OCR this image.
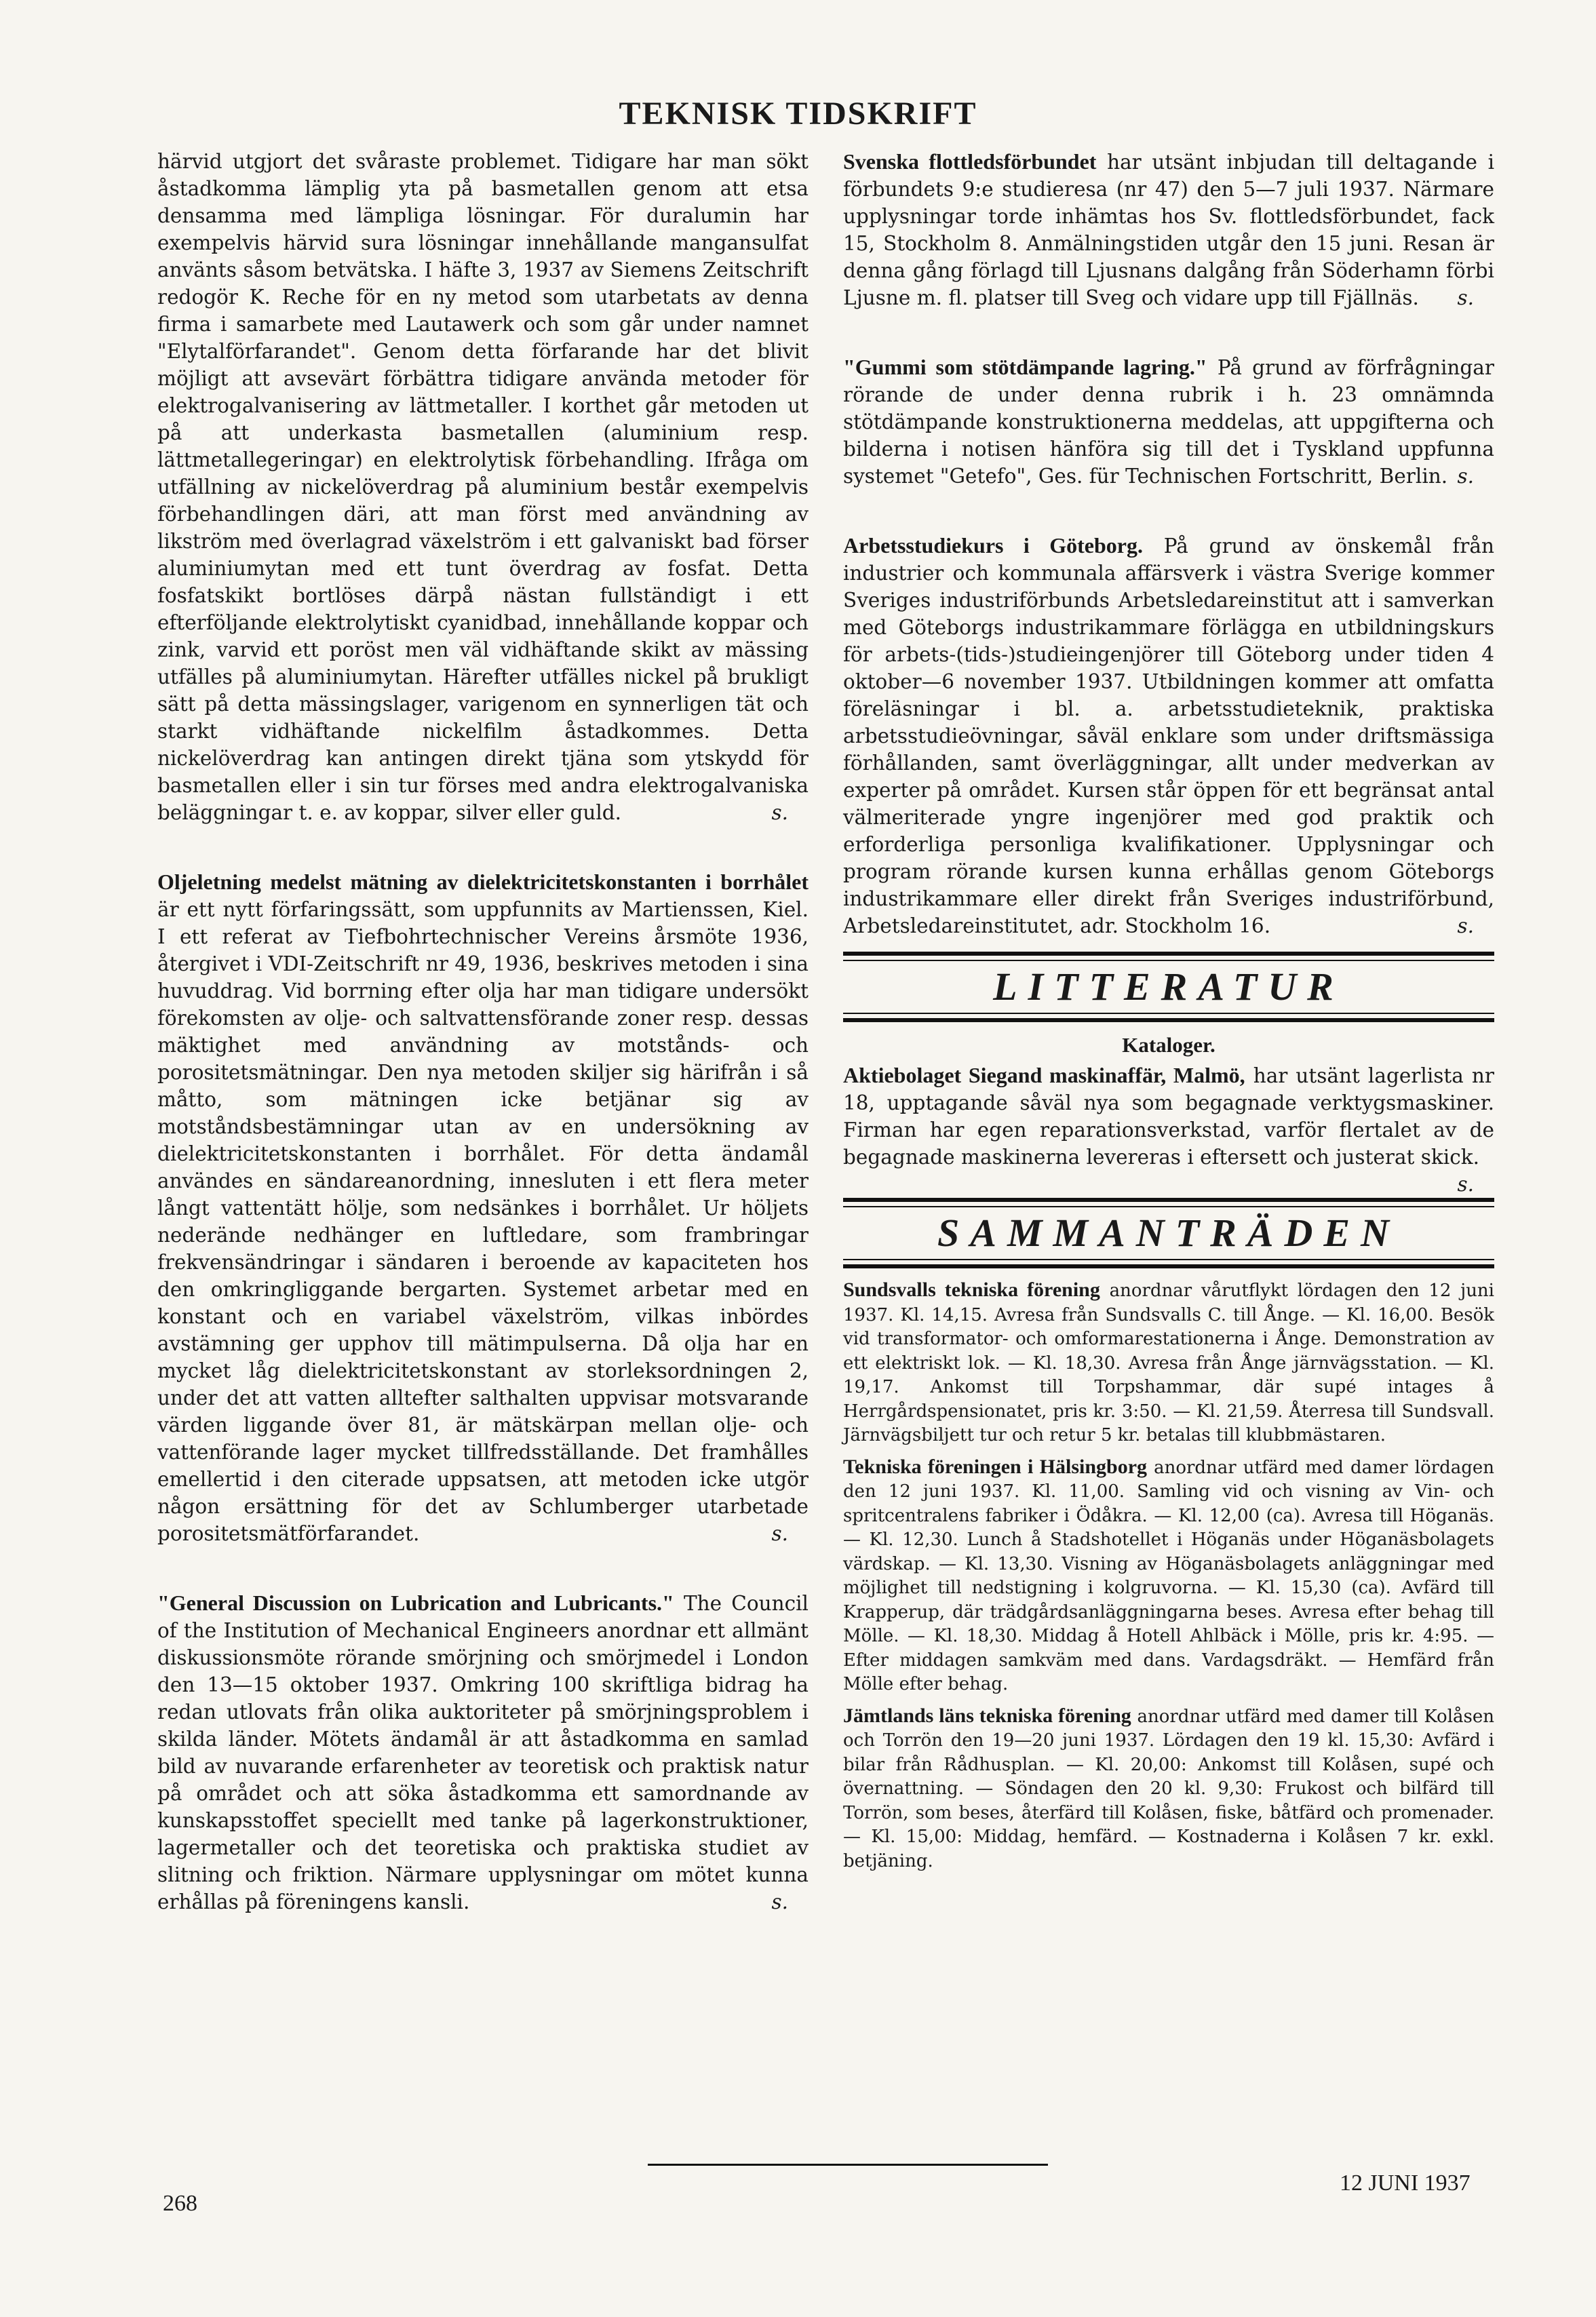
TEKNISK TIDSKRIFT

härvid utgjort det svåraste problemet. Tidigare har man sökt åstadkomma lämplig yta på basmetallen genom att etsa densamma med lämpliga lösningar. För duralumin har exempelvis härvid sura lösningar innehållande mangansulfat använts såsom betvätska. I häfte 3, 1937 av Siemens Zeitschrift redogör K. Reche för en ny metod som utarbetats av denna firma i samarbete med Lautawerk och som går under namnet "Elytalförfarandet". Genom detta förfarande har det blivit möjligt att avsevärt förbättra tidigare använda metoder för elektrogalvanisering av lättmetaller. I korthet går metoden ut på att underkasta basmetallen (aluminium resp. lättmetallegeringar) en elektrolytisk förbehandling. Ifråga om utfällning av nickelöverdrag på aluminium består exempelvis förbehandlingen däri, att man först med användning av likström med överlagrad växelström i ett galvaniskt bad förser aluminiumytan med ett tunt överdrag av fosfat. Detta fosfatskikt bortlöses därpå nästan fullständigt i ett efterföljande elektrolytiskt cyanidbad, innehållande koppar och zink, varvid ett poröst men väl vidhäftande skikt av mässing utfälles på aluminiumytan. Härefter utfälles nickel på brukligt sätt på detta mässingslager, varigenom en synnerligen tät och starkt vidhäftande nickelfilm åstadkommes. Detta nickelöverdrag kan antingen direkt tjäna som ytskydd för basmetallen eller i sin tur förses med andra elektrogalvaniska beläggningar t. e. av koppar, silver eller guld.	s.

Oljeletning medelst mätning av dielektricitetskonstanten i borrhålet är ett nytt förfaringssätt, som uppfunnits av Martienssen, Kiel. I ett referat av Tiefbohrtechnischer Vereins årsmöte 1936, återgivet i VDI-Zeitschrift nr 49, 1936, beskrives metoden i sina huvuddrag. Vid borrning efter olja har man tidigare undersökt förekomsten av olje- och saltvattensförande zoner resp. dessas mäktighet med användning av motstånds- och porositetsmätningar. Den nya metoden skiljer sig härifrån i så måtto, som mätningen icke betjänar sig av motståndsbestämningar utan av en undersökning av dielektricitetskonstanten i borrhålet. För detta ändamål användes en sändareanordning, innesluten i ett flera meter långt vattentätt hölje, som nedsänkes i borrhålet. Ur höljets nederände nedhänger en luftledare, som frambringar frekvensändringar i sändaren i beroende av kapaciteten hos den omkringliggande bergarten. Systemet arbetar med en konstant och en variabel växelström, vilkas inbördes avstämning ger upphov till mätimpulserna. Då olja har en mycket låg dielektricitetskonstant av storleksordningen 2, under det att vatten alltefter salthalten uppvisar motsvarande värden liggande över 81, är mätskärpan mellan olje- och vattenförande lager mycket tillfredsställande. Det framhålles emellertid i den citerade uppsatsen, att metoden icke utgör någon ersättning för det av Schlumberger utarbetade porositetsmätförfarandet.	s.

"General Discussion on Lubrication and Lubricants." The Council of the Institution of Mechanical Engineers anordnar ett allmänt diskussionsmöte rörande smörjning och smörjmedel i London den 13—15 oktober 1937. Omkring 100 skriftliga bidrag ha redan utlovats från olika auktoriteter på smörjningsproblem i skilda länder. Mötets ändamål är att åstadkomma en samlad bild av nuvarande erfarenheter av teoretisk och praktisk natur på området och att söka åstadkomma ett samordnande av kunskapsstoffet speciellt med tanke på lagerkonstruktioner, lagermetaller och det teoretiska och praktiska studiet av slitning och friktion. Närmare upplysningar om mötet kunna erhållas på föreningens kansli.	s.

Svenska flottledsförbundet har utsänt inbjudan till deltagande i förbundets 9:e studieresa (nr 47) den 5—7 juli 1937. Närmare upplysningar torde inhämtas hos Sv. flottledsförbundet, fack 15, Stockholm 8. Anmälningstiden utgår den 15 juni. Resan är denna gång förlagd till Ljusnans dalgång från Söderhamn förbi Ljusne m. fl. platser till Sveg och vidare upp till Fjällnäs. s.

"Gummi som stötdämpande lagring." På grund av förfrågningar rörande de under denna rubrik i h. 23 omnämnda stötdämpande konstruktionerna meddelas, att uppgifterna och bilderna i notisen hänföra sig till det i Tyskland uppfunna systemet "Getefo", Ges. für Technischen Fortschritt, Berlin. s.

Arbetsstudiekurs i Göteborg. På grund av önskemål från industrier och kommunala affärsverk i västra Sverige kommer Sveriges industriförbunds Arbetsledareinstitut att i samverkan med Göteborgs industrikammare förlägga en utbildningskurs för arbets-(tids-)studieingenjörer till Göteborg under tiden 4 oktober—6 november 1937. Utbildningen kommer att omfatta föreläsningar i bl. a. arbetsstudieteknik, praktiska arbetsstudieövningar, såväl enklare som under driftsmässiga förhållanden, samt överläggningar, allt under medverkan av experter på området. Kursen står öppen för ett begränsat antal välmeriterade yngre ingenjörer med god praktik och erforderliga personliga kvalifikationer. Upplysningar och program rörande kursen kunna erhållas genom Göteborgs industrikammare eller direkt från Sveriges industriförbund, Arbetsledareinstitutet, adr. Stockholm 16.	s.

LITTERATUR
Kataloger.

Aktiebolaget Siegand maskinaffär, Malmö, har utsänt lagerlista nr 18, upptagande såväl nya som begagnade verktygsmaskiner. Firman har egen reparationsverkstad, varför flertalet av de begagnade maskinerna levereras i eftersett och justerat skick.
s.

SAMMANTRÄDEN

Sundsvalls tekniska förening anordnar vårutflykt lördagen den 12 juni 1937. Kl. 14,15. Avresa från Sundsvalls C. till Ånge. — Kl. 16,00. Besök vid transformator- och omformarestationerna i Ånge. Demonstration av ett elektriskt lok. — Kl. 18,30. Avresa från Ånge järnvägsstation. — Kl. 19,17. Ankomst till Torpshammar, där supé intages å Herrgårdspensionatet, pris kr. 3:50. — Kl. 21,59. Återresa till Sundsvall. Järnvägsbiljett tur och retur 5 kr. betalas till klubbmästaren.

Tekniska föreningen i Hälsingborg anordnar utfärd med damer lördagen den 12 juni 1937. Kl. 11,00. Samling vid och visning av Vin- och spritcentralens fabriker i Ödåkra. — Kl. 12,00 (ca). Avresa till Höganäs. — Kl. 12,30. Lunch å Stadshotellet i Höganäs under Höganäsbolagets värdskap. — Kl. 13,30. Visning av Höganäsbolagets anläggningar med möjlighet till nedstigning i kolgruvorna. — Kl. 15,30 (ca). Avfärd till Krapperup, där trädgårdsanläggningarna beses. Avresa efter behag till Mölle. — Kl. 18,30. Middag å Hotell Ahlbäck i Mölle, pris kr. 4:95. — Efter middagen samkväm med dans. Vardagsdräkt. — Hemfärd från Mölle efter behag.

Jämtlands läns tekniska förening anordnar utfärd med damer till Kolåsen och Torrön den 19—20 juni 1937. Lördagen den 19 kl. 15,30: Avfärd i bilar från Rådhusplan. — Kl. 20,00: Ankomst till Kolåsen, supé och övernattning. — Söndagen den 20 kl. 9,30: Frukost och bilfärd till Torrön, som beses, återfärd till Kolåsen, fiske, båtfärd och promenader. — Kl. 15,00: Middag, hemfärd. — Kostnaderna i Kolåsen 7 kr. exkl. betjäning.

268
12 JUNI 1937
